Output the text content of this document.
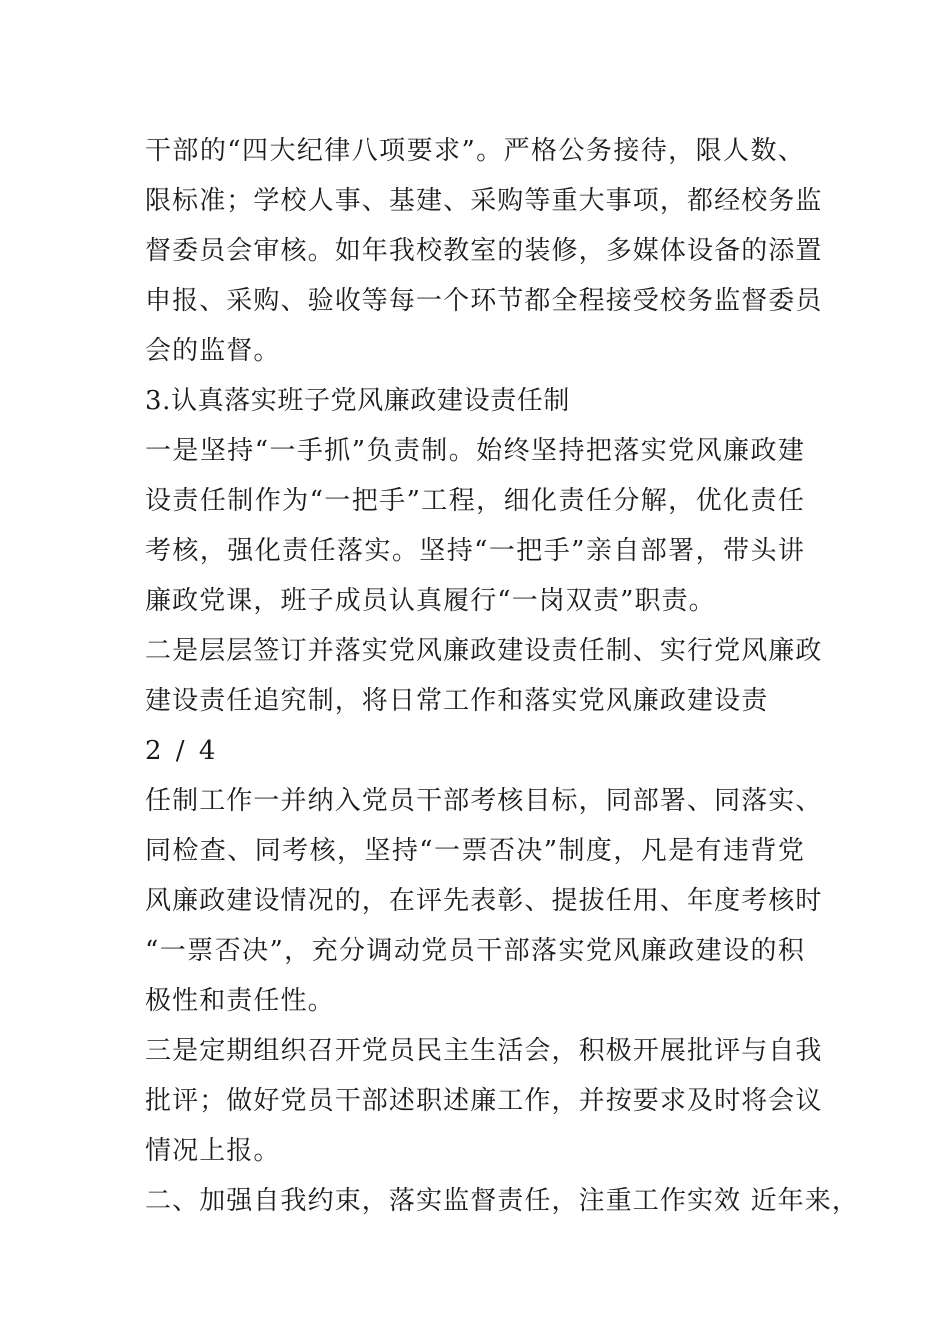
干部的“四大纪律八项要求”。严格公务接待，限人数、
限标准；学校人事、基建、采购等重大事项，都经校务监
督委员会审核。如年我校教室的装修，多媒体设备的添置
申报、采购、验收等每一个环节都全程接受校务监督委员
会的监督。
3.认真落实班子党风廉政建设责任制
一是坚持“一手抓”负责制。始终坚持把落实党风廉政建
设责任制作为“一把手”工程，细化责任分解，优化责任
考核，强化责任落实。坚持“一把手”亲自部署，带头讲
廉政党课，班子成员认真履行“一岗双责”职责。
二是层层签订并落实党风廉政建设责任制、实行党风廉政
建设责任追究制，将日常工作和落实党风廉政建设责
2 / 4
任制工作一并纳入党员干部考核目标，同部署、同落实、
同检查、同考核，坚持“一票否决”制度，凡是有违背党
风廉政建设情况的，在评先表彰、提拔任用、年度考核时
“一票否决”，充分调动党员干部落实党风廉政建设的积
极性和责任性。
三是定期组织召开党员民主生活会，积极开展批评与自我
批评；做好党员干部述职述廉工作，并按要求及时将会议
情况上报。
二、加强自我约束，落实监督责任，注重工作实效 近年来，
